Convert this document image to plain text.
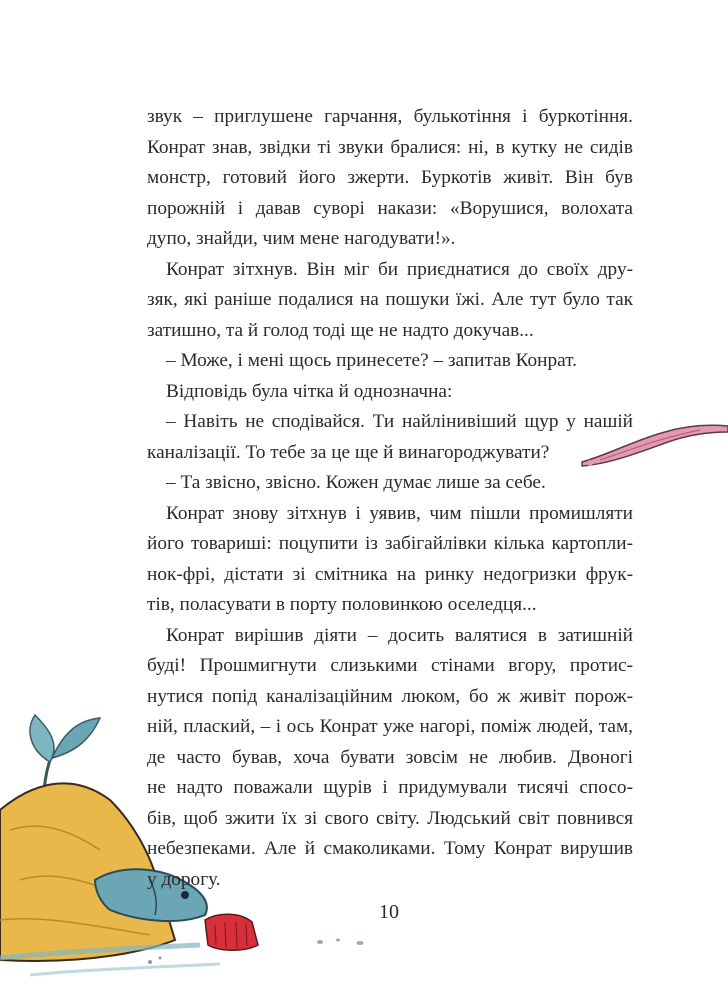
звук – приглушене гарчання, булькотіння і буркотіння.
Конрат знав, звідки ті звуки бралися: ні, в кутку не сидів
монстр, готовий його зжерти. Буркотів живіт. Він був
порожній і давав суворі накази: «Ворушися, волохата
дупо, знайди, чим мене нагодувати!».
Конрат зітхнув. Він міг би приєднатися до своїх дру-
зяк, які раніше подалися на пошуки їжі. Але тут було так
затишно, та й голод тоді ще не надто докучав...
– Може, і мені щось принесете? – запитав Конрат.
Відповідь була чітка й однозначна:
– Навіть не сподівайся. Ти найлінивіший щур у нашій
каналізації. То тебе за це ще й винагороджувати?
– Та звісно, звісно. Кожен думає лише за себе.
Конрат знову зітхнув і уявив, чим пішли промишляти
його товариші: поцупити із забігайлівки кілька картопли-
нок-фрі, дістати зі смітника на ринку недогризки фрук-
тів, поласувати в порту половинкою оселедця...
Конрат вирішив діяти – досить валятися в затишній
буді! Прошмигнути слизькими стінами вгору, протис-
нутися попід каналізаційним люком, бо ж живіт порож-
ній, плаский, – і ось Конрат уже нагорі, поміж людей, там,
де часто бував, хоча бувати зовсім не любив. Двоногі
не надто поважали щурів і придумували тисячі спосо-
бів, щоб зжити їх зі свого світу. Людський світ повнився
небезпеками. Але й смаколиками. Тому Конрат вирушив
у дорогу.
10
